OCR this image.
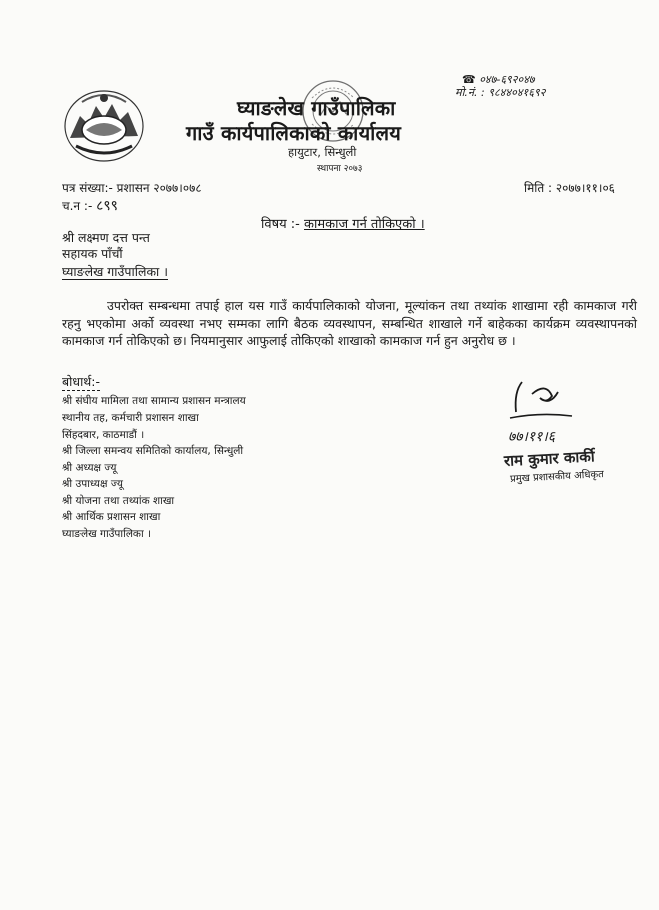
☎ ०४७-६९२०४७
मो.नं. : ९८४४०४१६९२
घ्याङलेख गाउँपालिका
गाउँ कार्यपालिकाको कार्यालय
हायुटार, सिन्धुली
स्थापना २०७३
पत्र संख्या:- प्रशासन २०७७।०७८
च.न :- ८९९
मिति : २०७७।११।०६
विषय :- कामकाज गर्न तोकिएको ।
श्री लक्ष्मण दत्त पन्त
सहायक पाँचौं
घ्याङलेख गाउँपालिका ।

उपरोक्त सम्बन्धमा तपाई हाल यस गाउँ कार्यपालिकाको योजना, मूल्यांकन तथा तथ्यांक शाखामा रही कामकाज गरी रहनु भएकोमा अर्को व्यवस्था नभए सम्मका लागि बैठक व्यवस्थापन, सम्बन्धित शाखाले गर्ने बाहेकका कार्यक्रम व्यवस्थापनको कामकाज गर्न तोकिएको छ। नियमानुसार आफुलाई तोकिएको शाखाको कामकाज गर्न हुन अनुरोध छ ।

बोधार्थ:-
श्री संघीय मामिला तथा सामान्य प्रशासन मन्त्रालय
स्थानीय तह, कर्मचारी प्रशासन शाखा
सिंहदबार, काठमाडौं ।
श्री जिल्ला समन्वय समितिको कार्यालय, सिन्धुली
श्री अध्यक्ष ज्यू
श्री उपाध्यक्ष ज्यू
श्री योजना तथा तथ्यांक शाखा
श्री आर्थिक प्रशासन शाखा
घ्याङलेख गाउँपालिका ।
७७।११।६
राम कुमार कार्की
प्रमुख प्रशासकीय अधिकृत
